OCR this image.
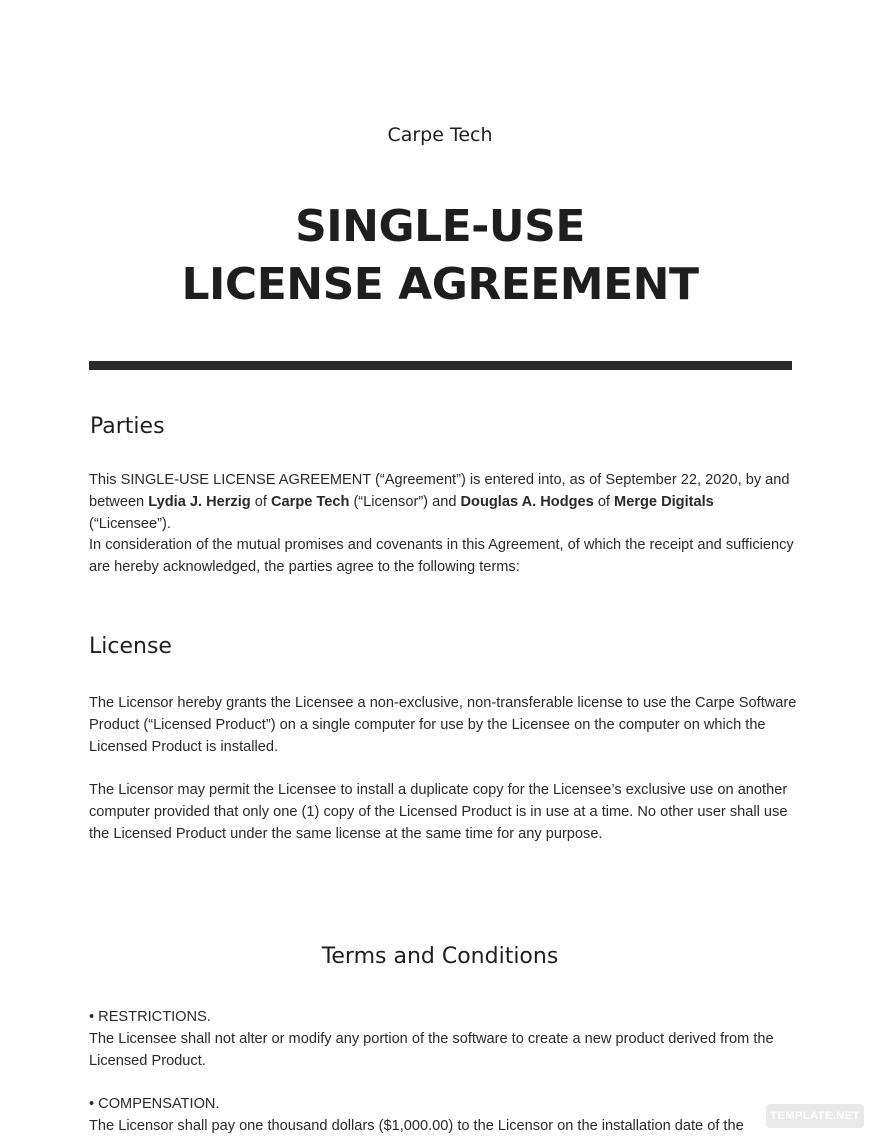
Carpe Tech
SINGLE-USE
LICENSE AGREEMENT
Parties

This SINGLE-USE LICENSE AGREEMENT (“Agreement”) is entered into, as of September 22, 2020, by and between Lydia J. Herzig of Carpe Tech (“Licensor”) and Douglas A. Hodges of Merge Digitals (“Licensee”).

In consideration of the mutual promises and covenants in this Agreement, of which the receipt and sufficiency are hereby acknowledged, the parties agree to the following terms:

License

The Licensor hereby grants the Licensee a non-exclusive, non-transferable license to use the Carpe Software Product (“Licensed Product”) on a single computer for use by the Licensee on the computer on which the Licensed Product is installed.

The Licensor may permit the Licensee to install a duplicate copy for the Licensee’s exclusive use on another computer provided that only one (1) copy of the Licensed Product is in use at a time. No other user shall use the Licensed Product under the same license at the same time for any purpose.

Terms and Conditions

• RESTRICTIONS.

The Licensee shall not alter or modify any portion of the software to create a new product derived from the Licensed Product.

• COMPENSATION.

The Licensor shall pay one thousand dollars ($1,000.00) to the Licensor on the installation date of the

TEMPLATE.NET
